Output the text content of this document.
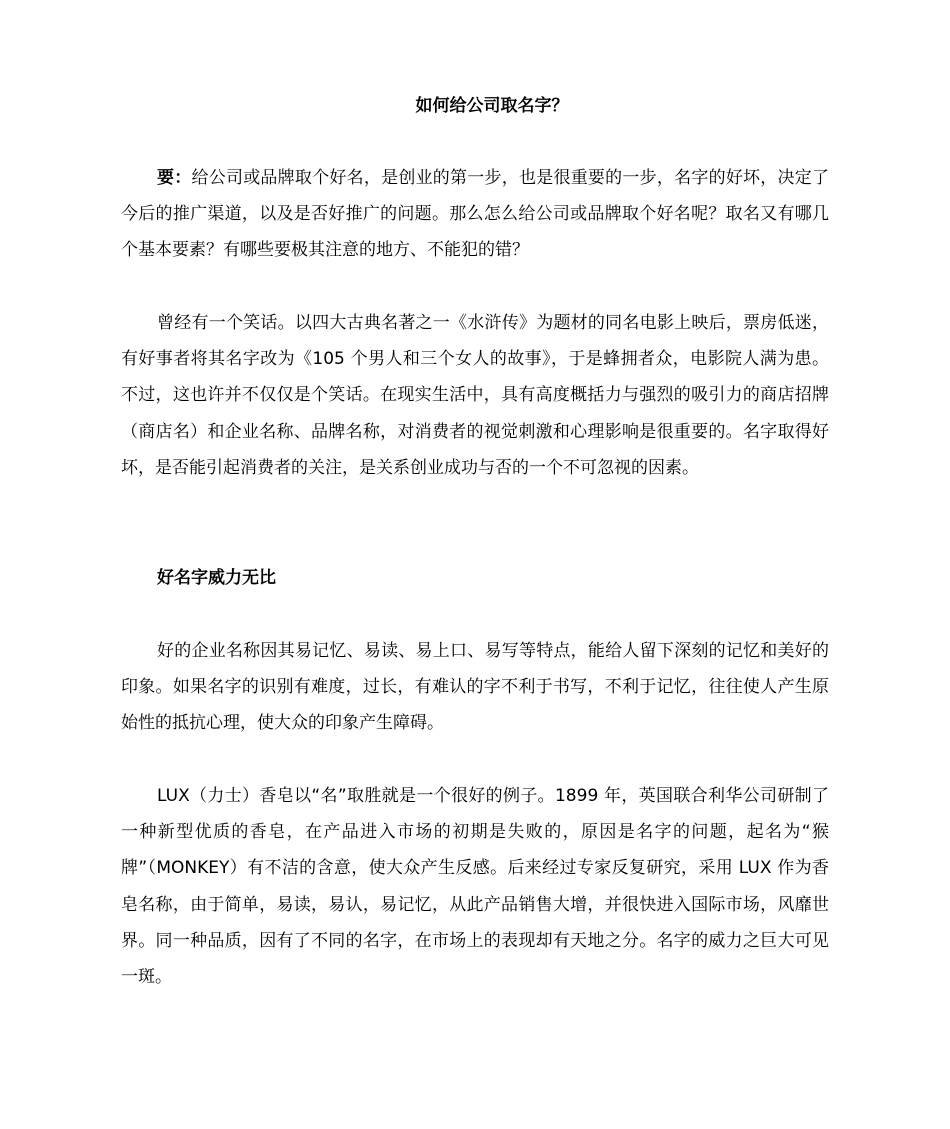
如何给公司取名字？

要：给公司或品牌取个好名，是创业的第一步，也是很重要的一步，名字的好坏，决定了今后的推广渠道，以及是否好推广的问题。那么怎么给公司或品牌取个好名呢？取名又有哪几个基本要素？有哪些要极其注意的地方、不能犯的错？

曾经有一个笑话。以四大古典名著之一《水浒传》为题材的同名电影上映后，票房低迷，有好事者将其名字改为《105 个男人和三个女人的故事》，于是蜂拥者众，电影院人满为患。不过，这也许并不仅仅是个笑话。在现实生活中，具有高度概括力与强烈的吸引力的商店招牌（商店名）和企业名称、品牌名称，对消费者的视觉刺激和心理影响是很重要的。名字取得好坏，是否能引起消费者的关注，是关系创业成功与否的一个不可忽视的因素。

好名字威力无比

好的企业名称因其易记忆、易读、易上口、易写等特点，能给人留下深刻的记忆和美好的印象。如果名字的识别有难度，过长，有难认的字不利于书写，不利于记忆，往往使人产生原始性的抵抗心理，使大众的印象产生障碍。

LUX（力士）香皂以“名”取胜就是一个很好的例子。1899 年，英国联合利华公司研制了一种新型优质的香皂，在产品进入市场的初期是失败的，原因是名字的问题，起名为“猴牌”（MONKEY）有不洁的含意，使大众产生反感。后来经过专家反复研究，采用 LUX 作为香皂名称，由于简单，易读，易认，易记忆，从此产品销售大增，并很快进入国际市场，风靡世界。同一种品质，因有了不同的名字，在市场上的表现却有天地之分。名字的威力之巨大可见一斑。
